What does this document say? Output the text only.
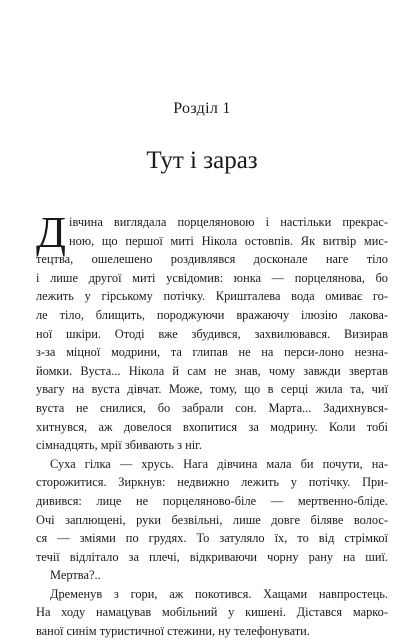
Розділ 1
Тут і зараз
Д івчина виглядала порцеляновою і настільки прекрас-
ною, що першої миті Нікола остовпів. Як витвір мис-
тецтва, ошелешено роздивлявся досконале наге тіло
і лише другої миті усвідомив: юнка — порцелянова, бо
лежить у гірському потічку. Кришталева вода омиває го-
ле тіло, блищить, породжуючи вражаючу ілюзію лакова-
ної шкіри. Отоді вже збудився, захвилювався. Визирав
з-за міцної модрини, та глипав не на перси-лоно незна-
йомки. Вуста... Нікола й сам не знав, чому завжди звертав
увагу на вуста дівчат. Може, тому, що в серці жила та, чиї
вуста не снилися, бо забрали сон. Марта... Задихнувся-
хитнувся, аж довелося вхопитися за модрину. Коли тобі
сімнадцять, мрії збивають з ніг.
Суха гілка — хрусь. Нага дівчина мала би почути, на-
сторожитися. Зиркнув: недвижно лежить у потічку. При-
дивився: лице не порцеляново-біле — мертвенно-бліде.
Очі заплющені, руки безвільні, лише довге біляве волос-
ся — зміями по грудях. То затуляло їх, то від стрімкої
течії відлітало за плечі, відкриваючи чорну рану на шиї.
Мертва?..
Дременув з гори, аж покотився. Хащами навпростець.
На ходу намацував мобільний у кишені. Дістався марко-
ваної синім туристичної стежини, ну телефонувати.
